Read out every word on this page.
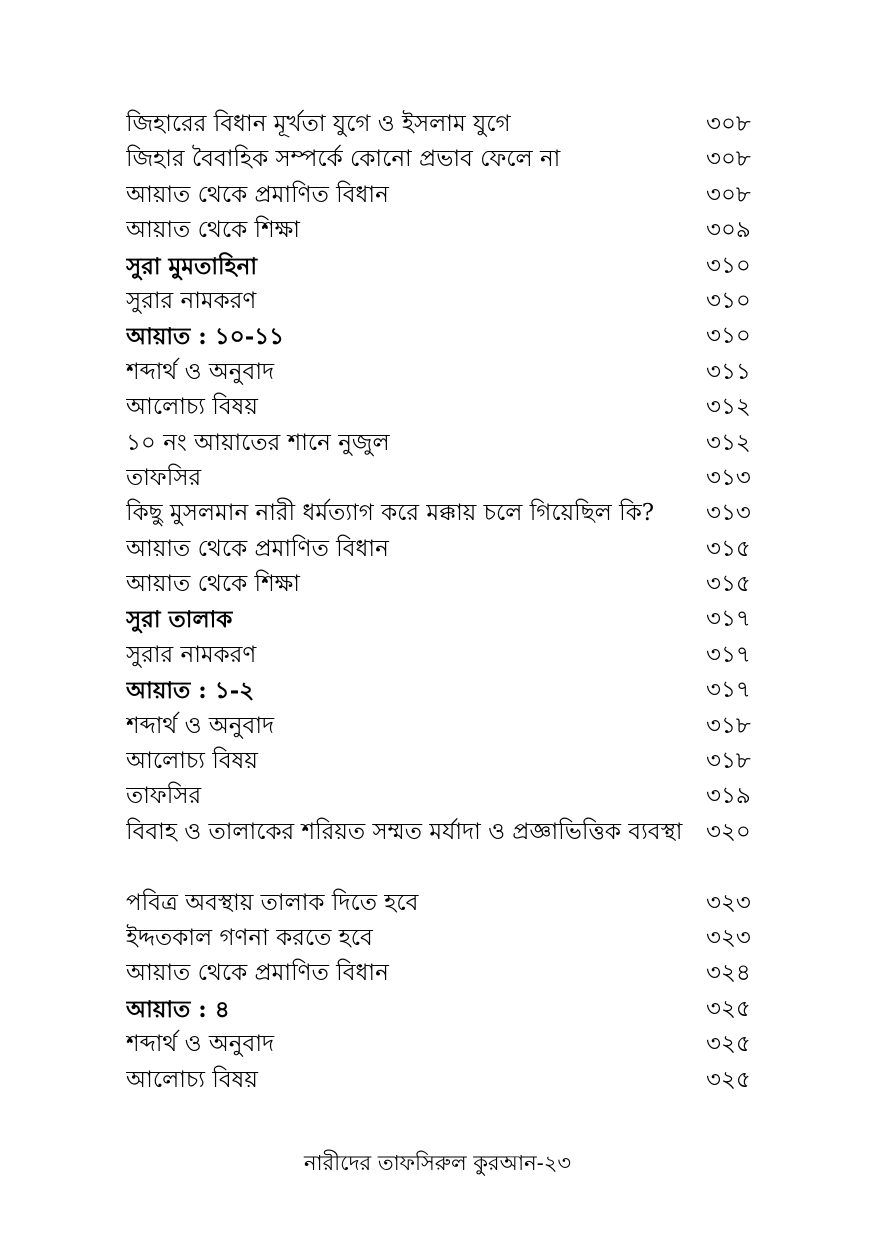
জিহারের বিধান মূর্খতা যুগে ও ইসলাম যুগে	৩০৮
জিহার বৈবাহিক সম্পর্কে কোনো প্রভাব ফেলে না	৩০৮
আয়াত থেকে প্রমাণিত বিধান	৩০৮
আয়াত থেকে শিক্ষা	৩০৯
সুরা মুমতাহিনা	৩১০
সুরার নামকরণ	৩১০
আয়াত : ১০-১১	৩১০
শব্দার্থ ও অনুবাদ	৩১১
আলোচ্য বিষয়	৩১২
১০ নং আয়াতের শানে নুজুল	৩১২
তাফসির	৩১৩
কিছু মুসলমান নারী ধর্মত্যাগ করে মক্কায় চলে গিয়েছিল কি?	৩১৩
আয়াত থেকে প্রমাণিত বিধান	৩১৫
আয়াত থেকে শিক্ষা	৩১৫
সুরা তালাক	৩১৭
সুরার নামকরণ	৩১৭
আয়াত : ১-২	৩১৭
শব্দার্থ ও অনুবাদ	৩১৮
আলোচ্য বিষয়	৩১৮
তাফসির	৩১৯
বিবাহ ও তালাকের শরিয়ত সম্মত মর্যাদা ও প্রজ্ঞাভিত্তিক ব্যবস্থা ৩২০
পবিত্র অবস্থায় তালাক দিতে হবে	৩২৩
ইদ্দতকাল গণনা করতে হবে	৩২৩
আয়াত থেকে প্রমাণিত বিধান	৩২৪
আয়াত : ৪	৩২৫
শব্দার্থ ও অনুবাদ	৩২৫
আলোচ্য বিষয়	৩২৫
নারীদের তাফসিরুল কুরআন-২৩
